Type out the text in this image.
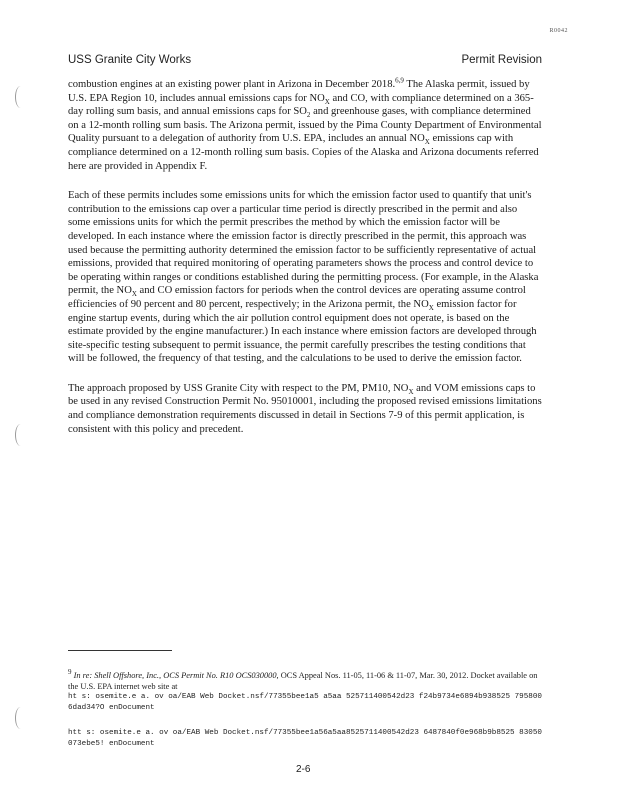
R0042
USS Granite City Works	Permit Revision

combustion engines at an existing power plant in Arizona in December 2018.$^{6,9}$ The Alaska permit, issued by U.S. EPA Region 10, includes annual emissions caps for $NO_X$ and CO, with compliance determined on a 365-day rolling sum basis, and annual emissions caps for $SO_2$ and greenhouse gases, with compliance determined on a 12-month rolling sum basis. The Arizona permit, issued by the Pima County Department of Environmental Quality pursuant to a delegation of authority from U.S. EPA, includes an annual $NO_X$ emissions cap with compliance determined on a 12-month rolling sum basis. Copies of the Alaska and Arizona documents referred here are provided in Appendix F.

Each of these permits includes some emissions units for which the emission factor used to quantify that unit's contribution to the emissions cap over a particular time period is directly prescribed in the permit and also some emissions units for which the permit prescribes the method by which the emission factor will be developed. In each instance where the emission factor is directly prescribed in the permit, this approach was used because the permitting authority determined the emission factor to be sufficiently representative of actual emissions, provided that required monitoring of operating parameters shows the process and control device to be operating within ranges or conditions established during the permitting process. (For example, in the Alaska permit, the $NO_X$ and CO emission factors for periods when the control devices are operating assume control efficiencies of 90 percent and 80 percent, respectively; in the Arizona permit, the $NO_X$ emission factor for engine startup events, during which the air pollution control equipment does not operate, is based on the estimate provided by the engine manufacturer.) In each instance where emission factors are developed through site-specific testing subsequent to permit issuance, the permit carefully prescribes the testing conditions that will be followed, the frequency of that testing, and the calculations to be used to derive the emission factor.

The approach proposed by USS Granite City with respect to the PM, PM10, $NO_X$ and VOM emissions caps to be used in any revised Construction Permit No. 95010001, including the proposed revised emissions limitations and compliance demonstration requirements discussed in detail in Sections 7-9 of this permit application, is consistent with this policy and precedent.

$^9$ In re: Shell Offshore, Inc., OCS Permit No. R10 OCS030000, OCS Appeal Nos. 11-05, 11-06 & 11-07, Mar. 30, 2012. Docket available on the U.S. EPA internet web site at
ht s: osemite.e a. ov oa/EAB Web Docket.nsf/77355bee1a5 a5aa 525711400542d23 f24b9734e6894b938525 7958006dad34?O enDocument
htt s: osemite.e a. ov oa/EAB Web Docket.nsf/77355bee1a56a5aa8525711400542d23 6487840f0e968b9b8525 83050073ebe5! enDocument
2-6
